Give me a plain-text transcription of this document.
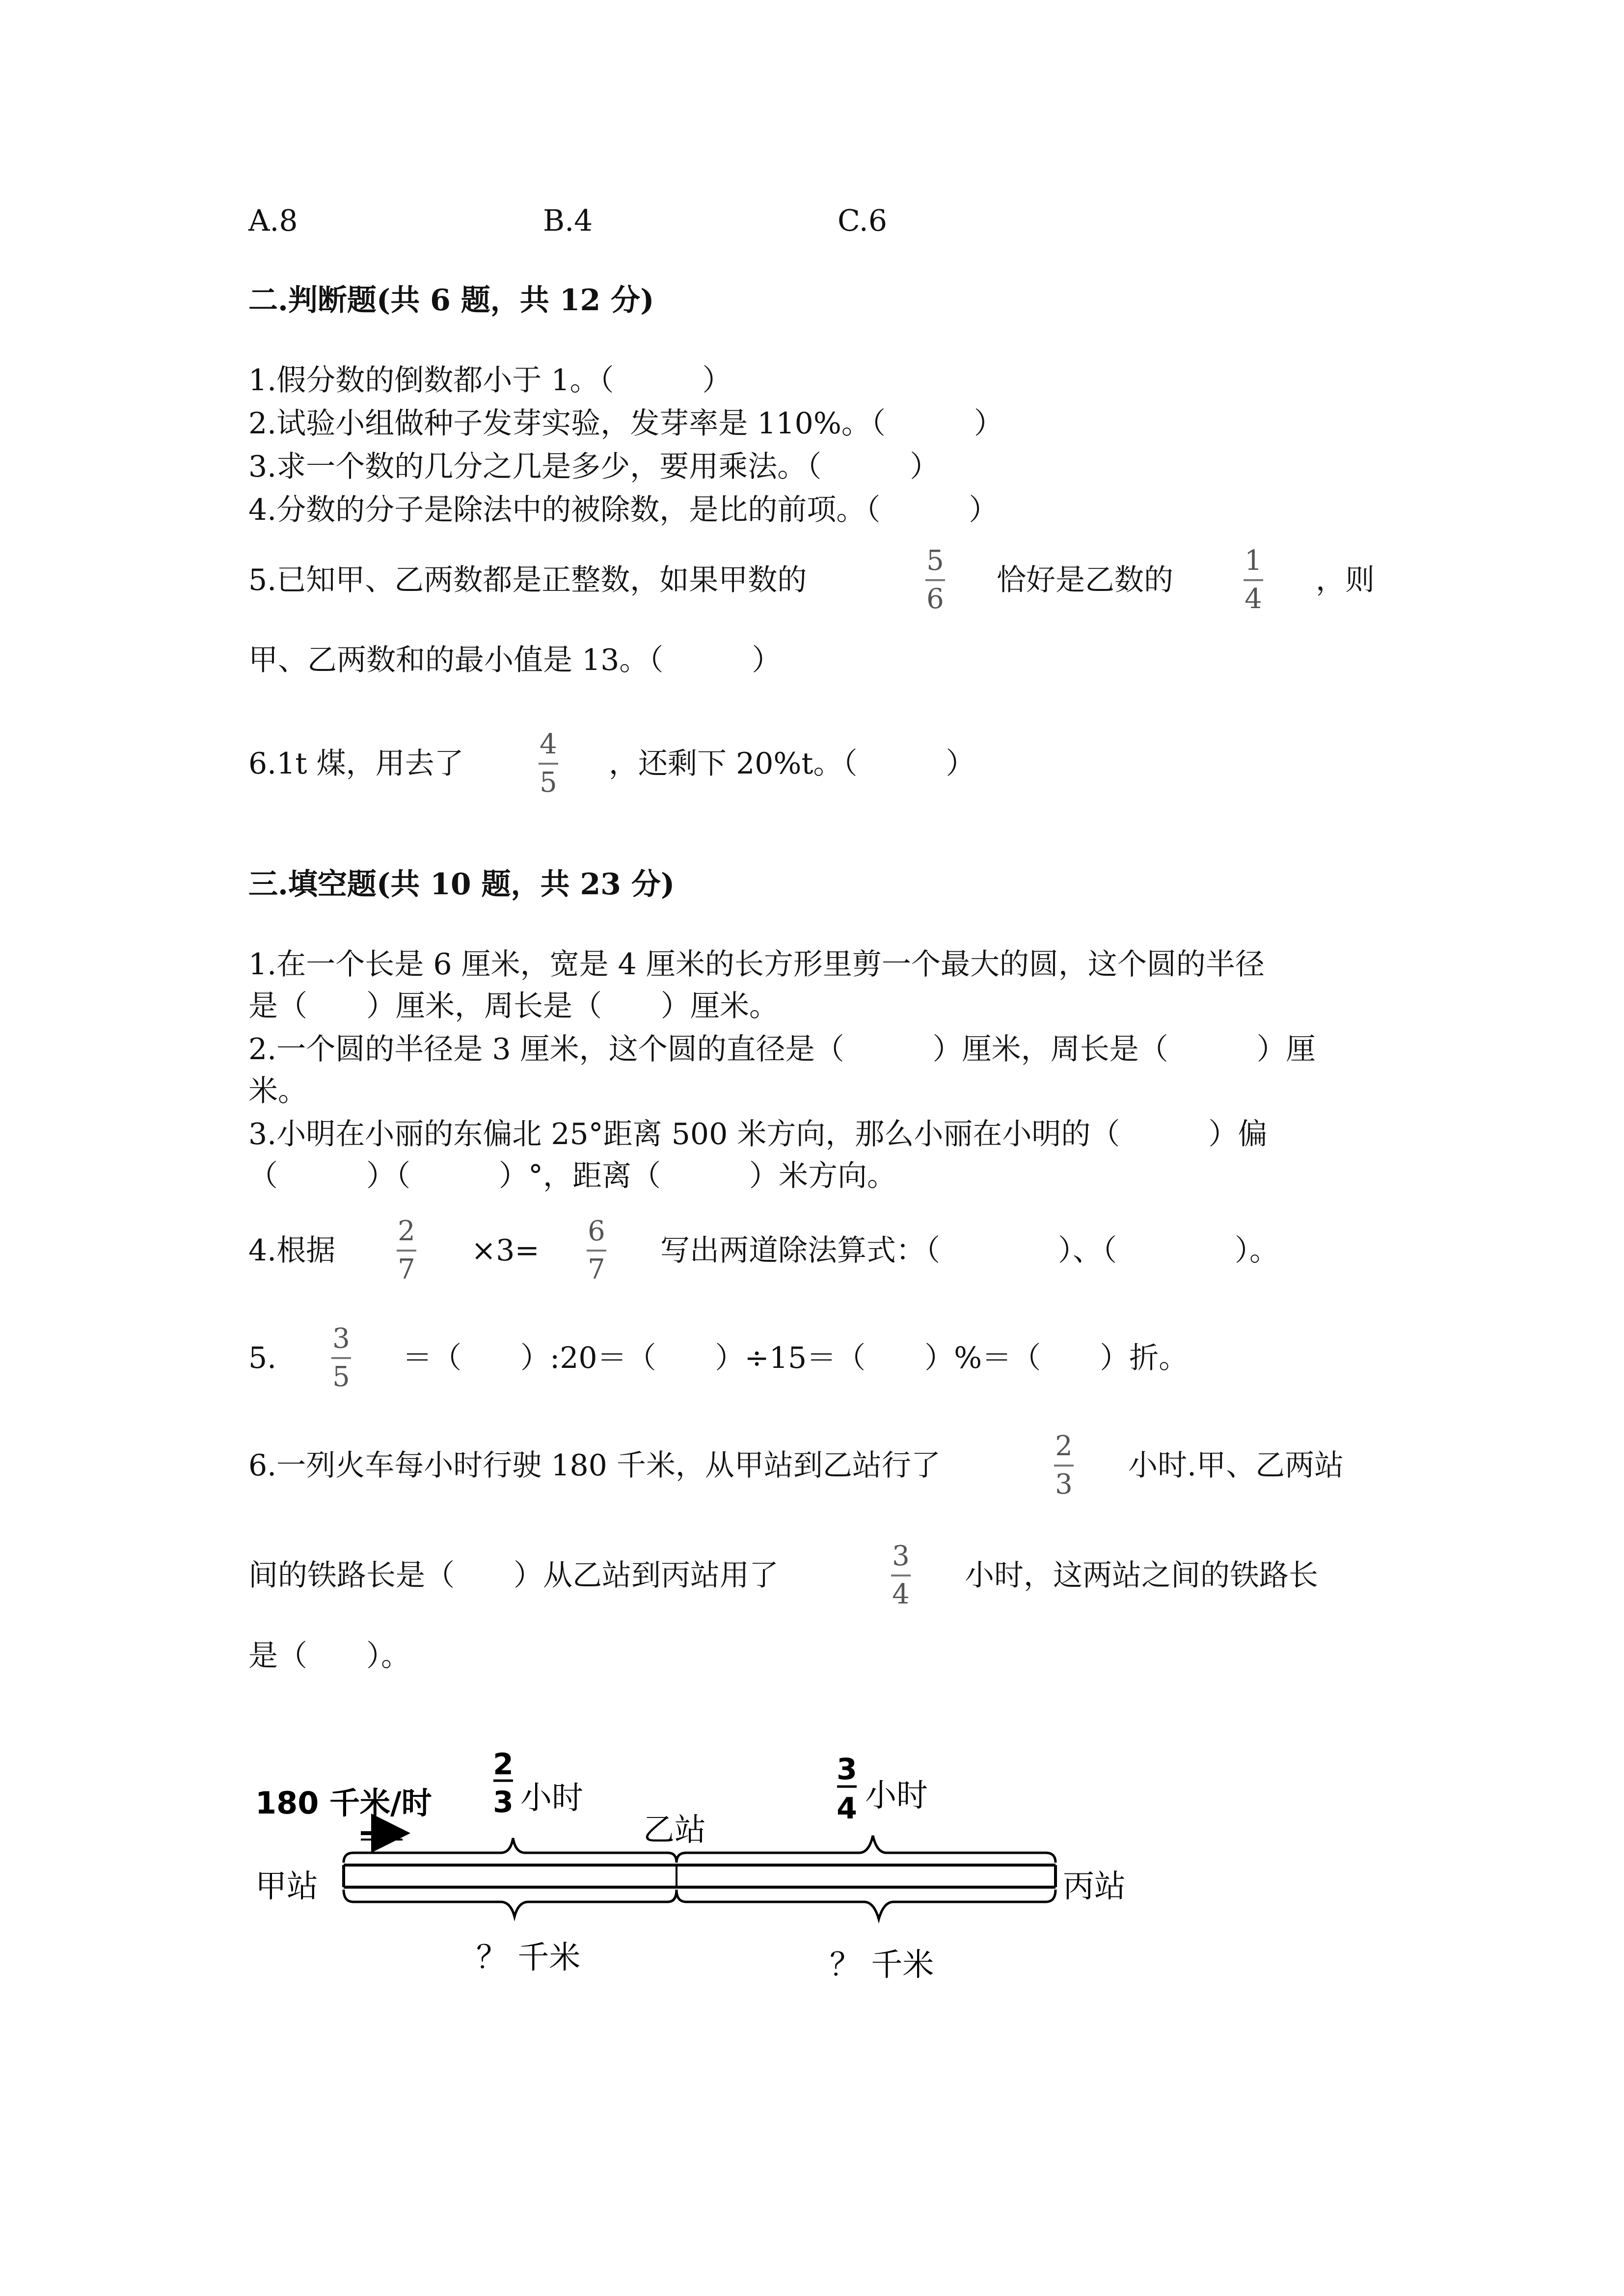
A.8	B.4	C.6
二.判断题(共 6 题，共 12 分)
1.假分数的倒数都小于 1。（　　　）
2.试验小组做种子发芽实验，发芽率是 110%。（　　　）
3.求一个数的几分之几是多少，要用乘法。（　　　）
4.分数的分子是除法中的被除数，是比的前项。（　　　）
5.已知甲、乙两数都是正整数，如果甲数的
5
6
恰好是乙数的
1
4
，则
甲、乙两数和的最小值是 13。（　　　）
6.1t 煤，用去了
4
5
，还剩下 20%t。（　　　）
三.填空题(共 10 题，共 23 分)
1.在一个长是 6 厘米，宽是 4 厘米的长方形里剪一个最大的圆，这个圆的半径
是（　　）厘米，周长是（　　）厘米。
2.一个圆的半径是 3 厘米，这个圆的直径是（　　　）厘米，周长是（　　　）厘
米。
3.小明在小丽的东偏北 25°距离 500 米方向，那么小丽在小明的（　　　）偏
（　　　）（　　　）°，距离（　　　）米方向。
4.根据
2
7
×3=
6
7
写出两道除法算式：（　　　　）、（　　　　）。
5.
3
5
＝（　　）:20＝（　　）÷15＝（　　）%＝（　　）折。
6.一列火车每小时行驶 180 千米，从甲站到乙站行了
2
3
小时.甲、乙两站
间的铁路长是（　　）从乙站到丙站用了
3
4
小时，这两站之间的铁路长
是（　　）。
180 千米/时
2
3 小时
3
4 小时
乙站
甲站	丙站
？ 千米	？ 千米
